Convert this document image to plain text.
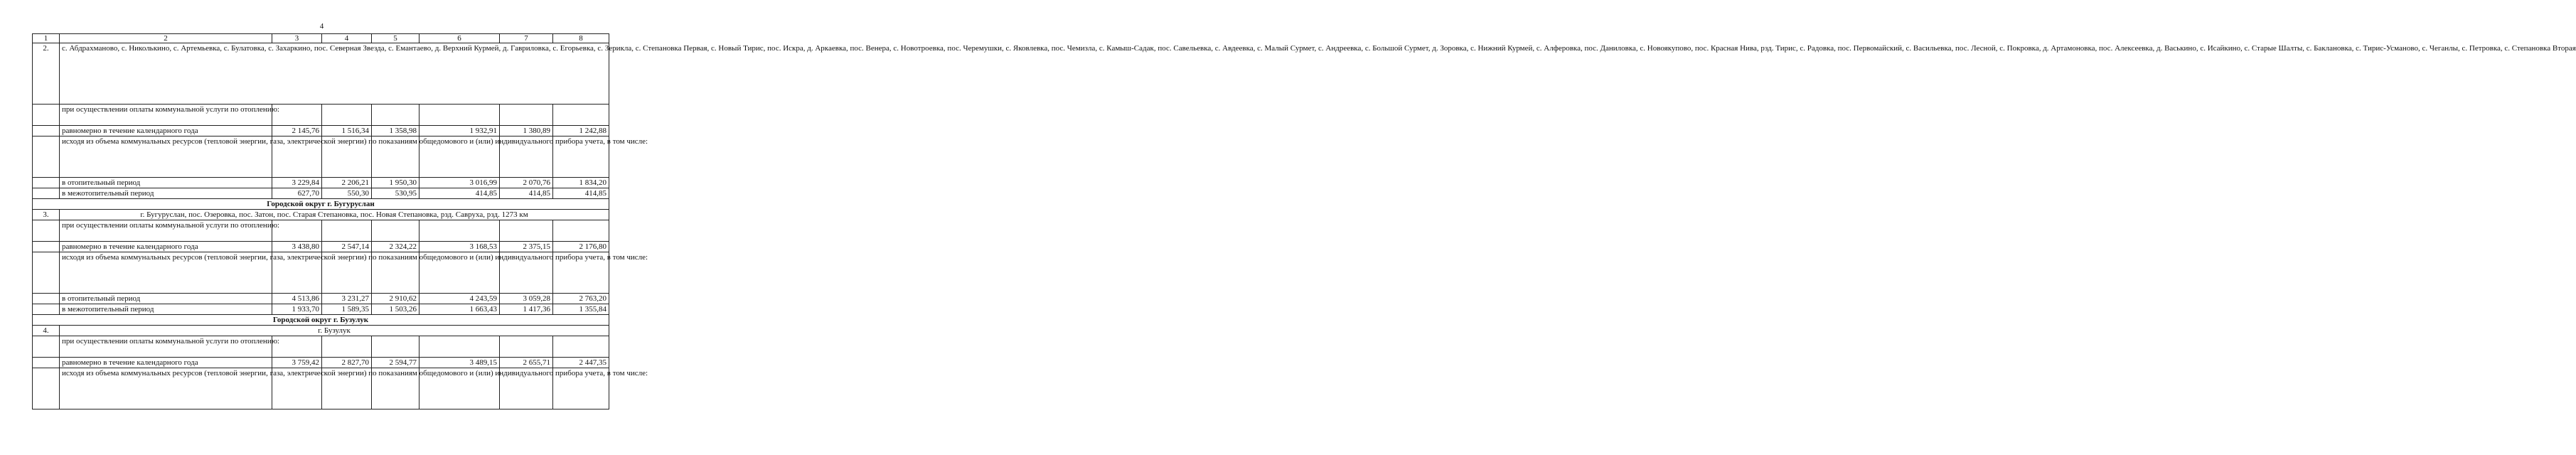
4
1	2	3	4	5	6	7	8
2.	с. Абдрахманово, с. Николькино, с. Артемьевка, с. Булатовка, с. Захаркино, пос. Северная Звезда, с. Емантаево, д. Верхний Курмей, д. Гавриловка, с. Егорьевка, с. Зерикла, с. Степановка Первая, с. Новый Тирис, пос. Искра, д. Аркаевка, пос. Венера, с. Новотроевка, пос. Черемушки, с. Яковлевка, пос. Чемизла, с. Камыш-Садак, пос. Савельевка, с. Авдеевка, с. Малый Сурмет, с. Андреевка, с. Большой Сурмет, д. Зоровка, с. Нижний Курмей, с. Алферовка, пос. Даниловка, с. Новоякупово, пос. Красная Нива, рзд. Тирис, с. Радовка, пос. Первомайский, с. Васильевка, пос. Лесной, с. Покровка, д. Артамоновка, пос. Алексеевка, д. Васькино, с. Исайкино, с. Старые Шалты, с. Баклановка, с. Тирис-Усманово, с. Чеганлы, с. Петровка, с. Степановка Вторая						
	при осуществлении оплаты коммунальной услуги по отоплению:						
	равномерно в течение календарного года	2 145,76	1 516,34	1 358,98	1 932,91	1 380,89	1 242,88
	исходя из объема коммунальных ресурсов (тепловой энергии, газа, электрической энергии) по показаниям общедомового и (или) индивидуального прибора учета, в том числе:						
	в отопительный период	3 229,84	2 206,21	1 950,30	3 016,99	2 070,76	1 834,20
	в межотопительный период	627,70	550,30	530,95	414,85	414,85	414,85
Городской округ г. Бугуруслан							
3.	г. Бугуруслан, пос. Озеровка, пос. Затон, пос. Старая Степановка, пос. Новая Степановка, рзд. Савруха, рзд. 1273 км						
	при осуществлении оплаты коммунальной услуги по отоплению:						
	равномерно в течение календарного года	3 438,80	2 547,14	2 324,22	3 168,53	2 375,15	2 176,80
	исходя из объема коммунальных ресурсов (тепловой энергии, газа, электрической энергии) по показаниям общедомового и (или) индивидуального прибора учета, в том числе:						
	в отопительный период	4 513,86	3 231,27	2 910,62	4 243,59	3 059,28	2 763,20
	в межотопительный период	1 933,70	1 589,35	1 503,26	1 663,43	1 417,36	1 355,84
Городской округ г. Бузулук							
4.	г. Бузулук						
	при осуществлении оплаты коммунальной услуги по отоплению:						
	равномерно в течение календарного года	3 759,42	2 827,70	2 594,77	3 489,15	2 655,71	2 447,35
	исходя из объема коммунальных ресурсов (тепловой энергии, газа, электрической энергии) по показаниям общедомового и (или) индивидуального прибора учета, в том числе:						
